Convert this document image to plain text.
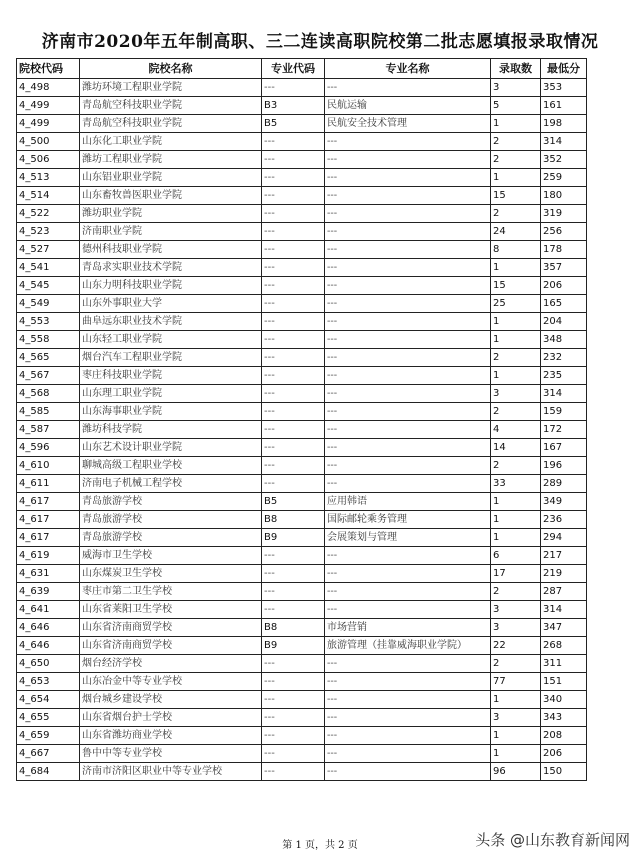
济南市2020年五年制高职、三二连读高职院校第二批志愿填报录取情况
院校代码	院校名称	专业代码	专业名称	录取数	最低分
4_498	潍坊环境工程职业学院	---	---	3	353
4_499	青岛航空科技职业学院	B3	民航运输	5	161
4_499	青岛航空科技职业学院	B5	民航安全技术管理	1	198
4_500	山东化工职业学院	---	---	2	314
4_506	潍坊工程职业学院	---	---	2	352
4_513	山东铝业职业学院	---	---	1	259
4_514	山东畜牧兽医职业学院	---	---	15	180
4_522	潍坊职业学院	---	---	2	319
4_523	济南职业学院	---	---	24	256
4_527	德州科技职业学院	---	---	8	178
4_541	青岛求实职业技术学院	---	---	1	357
4_545	山东力明科技职业学院	---	---	15	206
4_549	山东外事职业大学	---	---	25	165
4_553	曲阜远东职业技术学院	---	---	1	204
4_558	山东轻工职业学院	---	---	1	348
4_565	烟台汽车工程职业学院	---	---	2	232
4_567	枣庄科技职业学院	---	---	1	235
4_568	山东理工职业学院	---	---	3	314
4_585	山东海事职业学院	---	---	2	159
4_587	潍坊科技学院	---	---	4	172
4_596	山东艺术设计职业学院	---	---	14	167
4_610	聊城高级工程职业学校	---	---	2	196
4_611	济南电子机械工程学校	---	---	33	289
4_617	青岛旅游学校	B5	应用韩语	1	349
4_617	青岛旅游学校	B8	国际邮轮乘务管理	1	236
4_617	青岛旅游学校	B9	会展策划与管理	1	294
4_619	威海市卫生学校	---	---	6	217
4_631	山东煤炭卫生学校	---	---	17	219
4_639	枣庄市第二卫生学校	---	---	2	287
4_641	山东省莱阳卫生学校	---	---	3	314
4_646	山东省济南商贸学校	B8	市场营销	3	347
4_646	山东省济南商贸学校	B9	旅游管理（挂靠威海职业学院）	22	268
4_650	烟台经济学校	---	---	2	311
4_653	山东冶金中等专业学校	---	---	77	151
4_654	烟台城乡建设学校	---	---	1	340
4_655	山东省烟台护士学校	---	---	3	343
4_659	山东省潍坊商业学校	---	---	1	208
4_667	鲁中中等专业学校	---	---	1	206
4_684	济南市济阳区职业中等专业学校	---	---	96	150
第 1 页，共 2 页	头条 @山东教育新闻网
